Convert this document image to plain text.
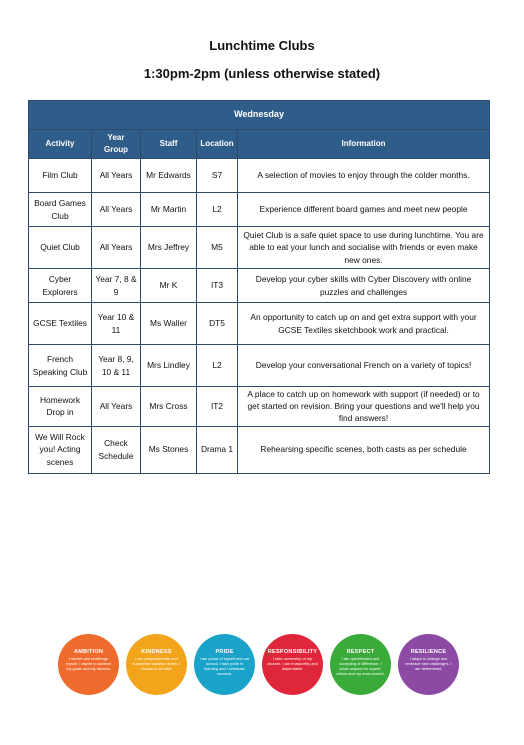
Lunchtime Clubs
1:30pm-2pm (unless otherwise stated)
Wednesday				
Activity	Year Group	Staff	Location	Information
Film Club	All Years	Mr Edwards	S7	A selection of movies to enjoy through the colder months.
Board Games Club	All Years	Mr Martin	L2	Experience different board games and meet new people
Quiet Club	All Years	Mrs Jeffrey	M5	Quiet Club is a safe quiet space to use during lunchtime. You are able to eat your lunch and socialise with friends or even make new ones.
Cyber Explorers	Year 7, 8 & 9	Mr K	IT3	Develop your cyber skills with Cyber Discovery with online puzzles and challenges
GCSE Textiles	Year 10 & 11	Ms Waller	DT5	An opportunity to catch up on and get extra support with your GCSE Textiles sketchbook work and practical.
French Speaking Club	Year 8, 9, 10 & 11	Mrs Lindley	L2	Develop your conversational French on a variety of topics!
Homework Drop in	All Years	Mrs Cross	IT2	A place to catch up on homework with support (if needed) or to get started on revision. Bring your questions and we'll help you find answers!
We Will Rock you! Acting scenes	Check Schedule	Ms Stones	Drama 1	Rehearsing specific scenes, both casts as per schedule
AMBITION
I stretch and challenge myself. I aspire to achieve my goals and my dreams.
KINDNESS
I am compassionate and supportive towards others. I choose to be kind.
PRIDE
I am proud of myself and our school. I take pride in learning and I celebrate success.
RESPONSIBILITY
I take ownership of my choices. I am trustworthy and dependable.
RESPECT
I am openminded and accepting of difference. I show respect for myself, others and my environment.
RESILIENCE
I adapt to change and embrace new challenges. I am determined.
